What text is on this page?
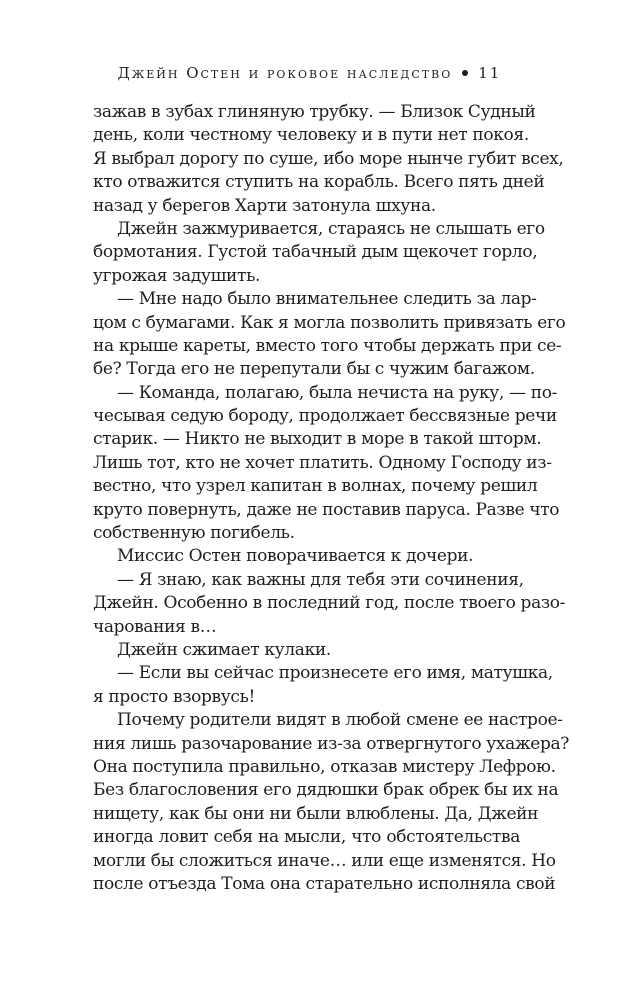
Джейн Остен и роковое наследство 11
зажав в зубах глиняную трубку. — Близок Судный
день, коли честному человеку и в пути нет покоя.
Я выбрал дорогу по суше, ибо море нынче губит всех,
кто отважится ступить на корабль. Всего пять дней
назад у берегов Харти затонула шхуна.
Джейн зажмуривается, стараясь не слышать его
бормотания. Густой табачный дым щекочет горло,
угрожая задушить.
— Мне надо было внимательнее следить за лар-
цом с бумагами. Как я могла позволить привязать его
на крыше кареты, вместо того чтобы держать при се-
бе? Тогда его не перепутали бы с чужим багажом.
— Команда, полагаю, была нечиста на руку, — по-
чесывая седую бороду, продолжает бессвязные речи
старик. — Никто не выходит в море в такой шторм.
Лишь тот, кто не хочет платить. Одному Господу из-
вестно, что узрел капитан в волнах, почему решил
круто повернуть, даже не поставив паруса. Разве что
собственную погибель.
Миссис Остен поворачивается к дочери.
— Я знаю, как важны для тебя эти сочинения,
Джейн. Особенно в последний год, после твоего разо-
чарования в…
Джейн сжимает кулаки.
— Если вы сейчас произнесете его имя, матушка,
я просто взорвусь!
Почему родители видят в любой смене ее настрое-
ния лишь разочарование из-за отвергнутого ухажера?
Она поступила правильно, отказав мистеру Лефрою.
Без благословения его дядюшки брак обрек бы их на
нищету, как бы они ни были влюблены. Да, Джейн
иногда ловит себя на мысли, что обстоятельства
могли бы сложиться иначе… или еще изменятся. Но
после отъезда Тома она старательно исполняла свой
